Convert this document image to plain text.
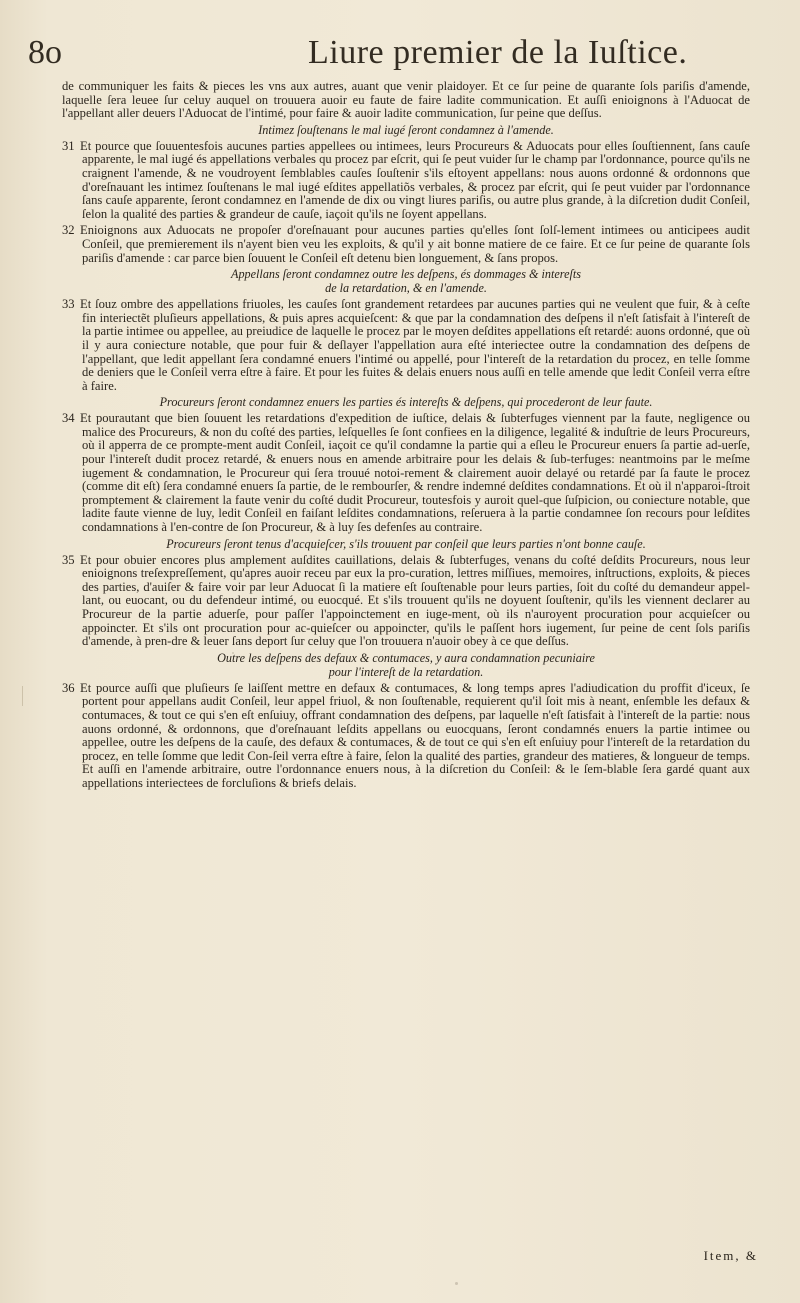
8o	Liure premier de la Iuſtice.

de communiquer les faits & pieces les vns aux autres, auant que venir plaidoyer. Et ce ſur peine de quarante ſols pariſis d'amende, laquelle ſera leuee ſur celuy auquel on trouuera auoir eu faute de faire ladite communication. Et auſſi enioignons à l'Aduocat de l'appellant aller deuers l'Aduocat de l'intimé, pour faire & auoir ladite communication, ſur peine que deſſus.

Intimez ſouſtenans le mal iugé ſeront condamnez à l'amende.

31 Et pource que ſouuentesfois aucunes parties appellees ou intimees, leurs Procureurs & Aduocats pour elles ſouſtiennent, ſans cauſe apparente, le mal iugé és appellations verbales qu procez par eſcrit, qui ſe peut vuider ſur le champ par l'ordonnance, pource qu'ils ne craignent l'amende, & ne voudroyent ſemblables cauſes ſouſtenir s'ils eſtoyent appellans: nous auons ordonné & ordonnons que d'oreſnauant les intimez ſouſtenans le mal iugé eſdites appellatiõs verbales, & procez par eſcrit, qui ſe peut vuider par l'ordonnance ſans cauſe apparente, ſeront condamnez en l'amende de dix ou vingt liures pariſis, ou autre plus grande, à la diſcretion dudit Conſeil, ſelon la qualité des parties & grandeur de cauſe, iaçoit qu'ils ne ſoyent appellans.

32 Enioignons aux Aduocats ne propoſer d'oreſnauant pour aucunes parties qu'elles ſont ſolſ-lement intimees ou anticipees audit Conſeil, que premierement ils n'ayent bien veu les exploits, & qu'il y ait bonne matiere de ce faire. Et ce ſur peine de quarante ſols pariſis d'amende : car parce bien ſouuent le Conſeil eſt detenu bien longuement, & ſans propos.

Appellans ſeront condamnez outre les deſpens, és dommages & intereſts
de la retardation, & en l'amende.

33 Et ſouz ombre des appellations friuoles, les cauſes ſont grandement retardees par aucunes parties qui ne veulent que fuir, & à ceſte fin interiectẽt pluſieurs appellations, & puis apres acquieſcent: & que par la condamnation des deſpens il n'eſt ſatisfait à l'intereſt de la partie intimee ou appellee, au preiudice de laquelle le procez par le moyen deſdites appellations eſt retardé: auons ordonné, que où il y aura coniecture notable, que pour fuir & deſlayer l'appellation aura eſté interiectee outre la condamnation des deſpens de l'appellant, que ledit appellant ſera condamné enuers l'intimé ou appellé, pour l'intereſt de la retardation du procez, en telle ſomme de deniers que le Conſeil verra eſtre à faire. Et pour les fuites & delais enuers nous auſſi en telle amende que ledit Conſeil verra eſtre à faire.

Procureurs ſeront condamnez enuers les parties és intereſts & deſpens, qui procederont de leur faute.

34 Et pourautant que bien ſouuent les retardations d'expedition de iuſtice, delais & ſubterfuges viennent par la faute, negligence ou malice des Procureurs, & non du coſté des parties, leſquelles ſe ſont confiees en la diligence, legalité & induſtrie de leurs Procureurs, où il apperra de ce prompte-ment audit Conſeil, iaçoit ce qu'il condamne la partie qui a eſleu le Procureur enuers ſa partie ad-uerſe, pour l'intereſt dudit procez retardé, & enuers nous en amende arbitraire pour les delais & ſub-terfuges: neantmoins par le meſme iugement & condamnation, le Procureur qui ſera trouué notoi-rement & clairement auoir delayé ou retardé par ſa faute le procez (comme dit eſt) ſera condamné enuers ſa partie, de le rembourſer, & rendre indemné deſdites condamnations. Et où il n'apparoi-ſtroit promptement & clairement la faute venir du coſté dudit Procureur, toutesfois y auroit quel-que ſuſpicion, ou coniecture notable, que ladite faute vienne de luy, ledit Conſeil en faiſant leſdites condamnations, reſeruera à la partie condamnee ſon recours pour leſdites condamnations à l'en-contre de ſon Procureur, & à luy ſes defenſes au contraire.

Procureurs ſeront tenus d'acquieſcer, s'ils trouuent par conſeil que leurs parties n'ont bonne cauſe.

35 Et pour obuier encores plus amplement auſdites cauillations, delais & ſubterfuges, venans du coſté deſdits Procureurs, nous leur enioignons treſexpreſſement, qu'apres auoir receu par eux la pro-curation, lettres miſſiues, memoires, inſtructions, exploits, & pieces des parties, d'auiſer & faire voir par leur Aduocat ſi la matiere eſt ſouſtenable pour leurs parties, ſoit du coſté du demandeur appel-lant, ou euocant, ou du defendeur intimé, ou euocqué. Et s'ils trouuent qu'ils ne doyuent ſouſtenir, qu'ils les viennent declarer au Procureur de la partie aduerſe, pour paſſer l'appoinctement en iuge-ment, où ils n'auroyent procuration pour acquieſcer ou appoincter. Et s'ils ont procuration pour ac-quieſcer ou appoincter, qu'ils le paſſent hors iugement, ſur peine de cent ſols pariſis d'amende, à pren-dre & leuer ſans deport ſur celuy que l'on trouuera n'auoir obey à ce que deſſus.

Outre les deſpens des defaux & contumaces, y aura condamnation pecuniaire
pour l'intereſt de la retardation.

36 Et pource auſſi que pluſieurs ſe laiſſent mettre en defaux & contumaces, & long temps apres l'adiudication du proffit d'iceux, ſe portent pour appellans audit Conſeil, leur appel friuol, & non ſouſtenable, requierent qu'il ſoit mis à neant, enſemble les defaux & contumaces, & tout ce qui s'en eſt enſuiuy, offrant condamnation des deſpens, par laquelle n'eſt ſatisfait à l'intereſt de la partie: nous auons ordonné, & ordonnons, que d'oreſnauant leſdits appellans ou euocquans, ſeront condamnés enuers la partie intimee ou appellee, outre les deſpens de la cauſe, des defaux & contumaces, & de tout ce qui s'en eſt enſuiuy pour l'intereſt de la retardation du procez, en telle ſomme que ledit Con-ſeil verra eſtre à faire, ſelon la qualité des parties, grandeur des matieres, & longueur de temps. Et auſſi en l'amende arbitraire, outre l'ordonnance enuers nous, à la diſcretion du Conſeil: & le ſem-blable ſera gardé quant aux appellations interiectees de forcluſions & briefs delais.

Item, &
